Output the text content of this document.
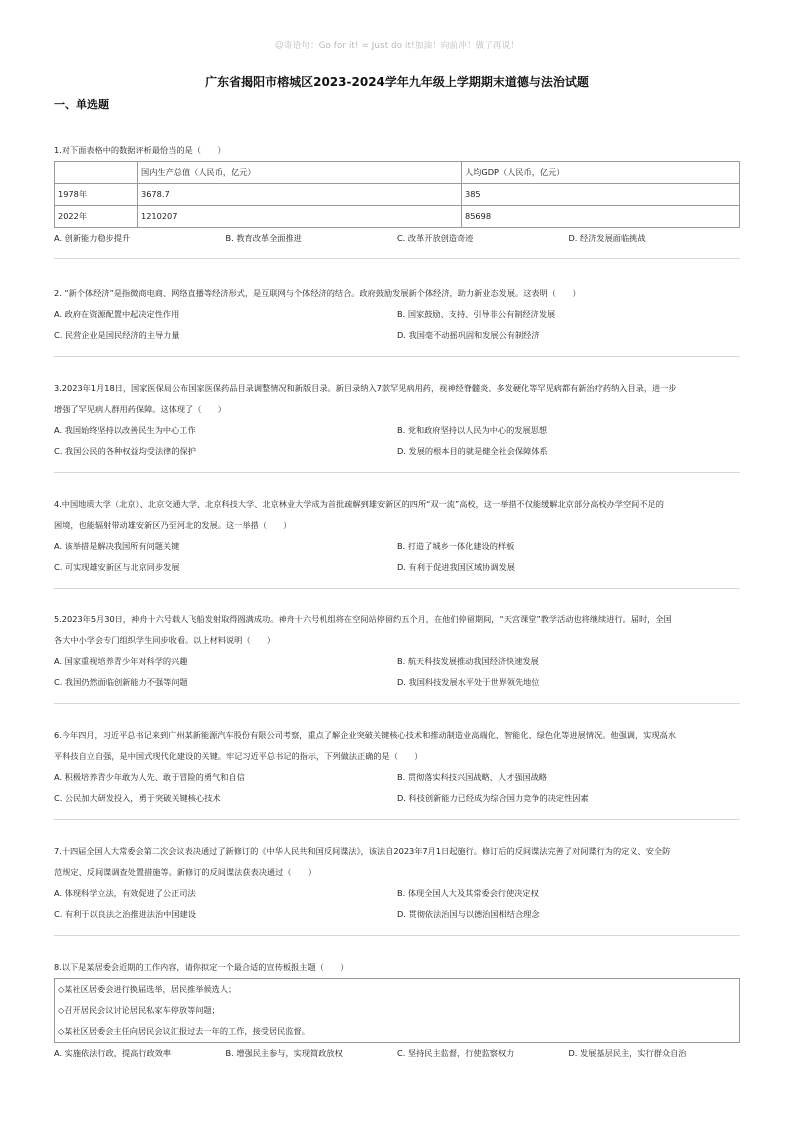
☺寄语句：Go for it! = Just do it!加油！向前冲！做了再说！
广东省揭阳市榕城区2023-2024学年九年级上学期期末道德与法治试题
一、单选题

1.对下面表格中的数据评析最恰当的是（　　）

	国内生产总值（人民币，亿元）	人均GDP（人民币，亿元）
1978年	3678.7	385
2022年	1210207	85698
A. 创新能力稳步提升	B. 教育改革全面推进	C. 改革开放创造奇迹	D. 经济发展面临挑战

2. “新个体经济”是指微商电商、网络直播等经济形式，是互联网与个体经济的结合。政府鼓励发展新个体经济，助力新业态发展。这表明（　　）

A. 政府在资源配置中起决定性作用	B. 国家鼓励、支持、引导非公有制经济发展
C. 民营企业是国民经济的主导力量	D. 我国毫不动摇巩固和发展公有制经济

3.2023年1月18日，国家医保局公布国家医保药品目录调整情况和新版目录。新目录纳入7款罕见病用药，视神经脊髓炎、多发硬化等罕见病都有新治疗药纳入目录，进一步

增强了罕见病人群用药保障。这体现了（　　）

A. 我国始终坚持以改善民生为中心工作	B. 党和政府坚持以人民为中心的发展思想
C. 我国公民的各种权益均受法律的保护	D. 发展的根本目的就是健全社会保障体系

4.中国地质大学（北京）、北京交通大学、北京科技大学、北京林业大学成为首批疏解到雄安新区的四所“双一流”高校，这一举措不仅能缓解北京部分高校办学空间不足的

困境，也能辐射带动雄安新区乃至河北的发展。这一举措（　　）

A. 该举措是解决我国所有问题关键	B. 打造了城乡一体化建设的样板
C. 可实现雄安新区与北京同步发展	D. 有利于促进我国区域协调发展

5.2023年5月30日，神舟十六号载人飞船发射取得圆满成功。神舟十六号机组将在空间站停留约五个月，在他们停留期间，“天宫课堂”教学活动也将继续进行。届时，全国

各大中小学会专门组织学生同步收看。以上材料说明（　　）

A. 国家重视培养青少年对科学的兴趣	B. 航天科技发展推动我国经济快速发展
C. 我国仍然面临创新能力不强等问题	D. 我国科技发展水平处于世界领先地位

6.今年四月，习近平总书记来到广州某新能源汽车股份有限公司考察，重点了解企业突破关键核心技术和推动制造业高端化、智能化、绿色化等进展情况。他强调，实现高水

平科技自立自强，是中国式现代化建设的关键。牢记习近平总书记的指示，下列做法正确的是（　　）

A. 积极培养青少年敢为人先、敢于冒险的勇气和自信	B. 贯彻落实科技兴国战略、人才强国战略
C. 公民加大研发投入，勇于突破关键核心技术	D. 科技创新能力已经成为综合国力竞争的决定性因素

7.十四届全国人大常委会第二次会议表决通过了新修订的《中华人民共和国反间谍法》，该法自2023年7月1日起施行。修订后的反间谍法完善了对间谍行为的定义、安全防

范规定、反间谍调查处置措施等。新修订的反间谍法获表决通过（　　）

A. 体现科学立法，有效促进了公正司法	B. 体现全国人大及其常委会行使决定权
C. 有利于以良法之治推进法治中国建设	D. 贯彻依法治国与以德治国相结合理念

8.以下是某居委会近期的工作内容，请你拟定一个最合适的宣传板报主题（　　）

◇某社区居委会进行换届选举，居民推举候选人；
◇召开居民会议讨论居民私家车停放等问题；
◇某社区居委会主任向居民会议汇报过去一年的工作，接受居民监督。
A. 实施依法行政，提高行政效率	B. 增强民主参与，实现简政放权	C. 坚持民主监督，行使监察权力	D. 发展基层民主，实行群众自治
